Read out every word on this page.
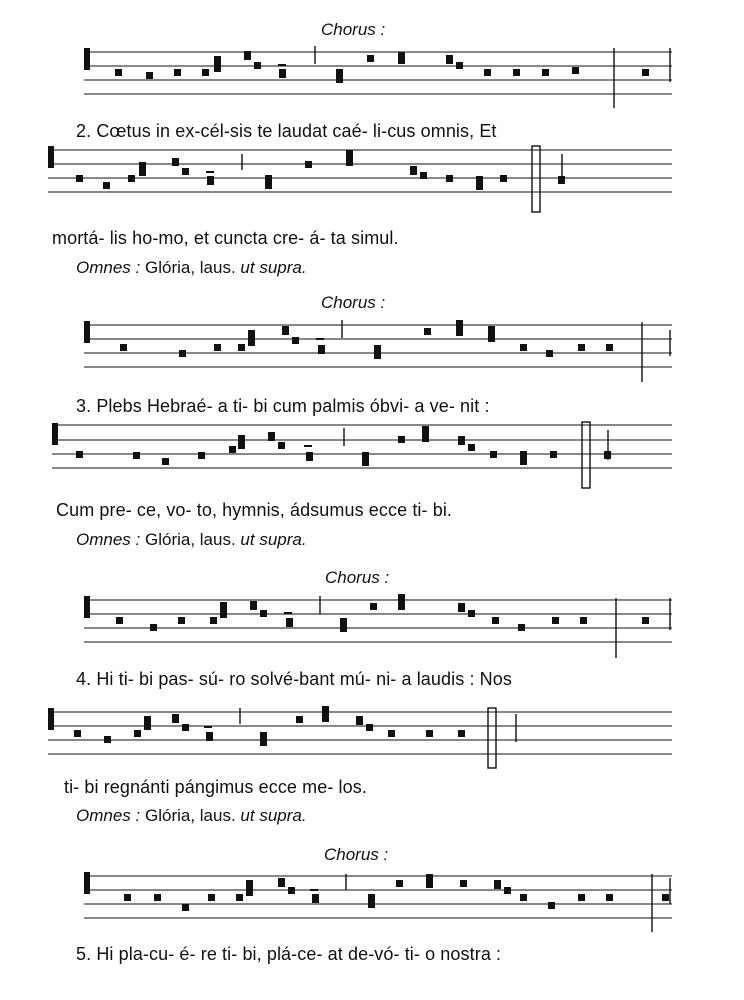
Chorus :
2. Cœtus in ex-cél-sis te laudat caé- li-cus omnis, Et
mortá- lis ho-mo, et cuncta cre- á- ta simul.
Omnes : Glória, laus. ut supra.
Chorus :
3. Plebs Hebraé- a ti- bi cum palmis óbvi- a ve- nit :
Cum pre- ce, vo- to, hymnis, ádsumus ecce ti- bi.
Omnes : Glória, laus. ut supra.
Chorus :
4. Hi ti- bi pas- sú- ro solvé-bant mú- ni- a laudis : Nos
ti- bi regnánti pángimus ecce me- los.
Omnes : Glória, laus. ut supra.
Chorus :
5. Hi pla-cu- é- re ti- bi, plá-ce- at de-vó- ti- o nostra :
